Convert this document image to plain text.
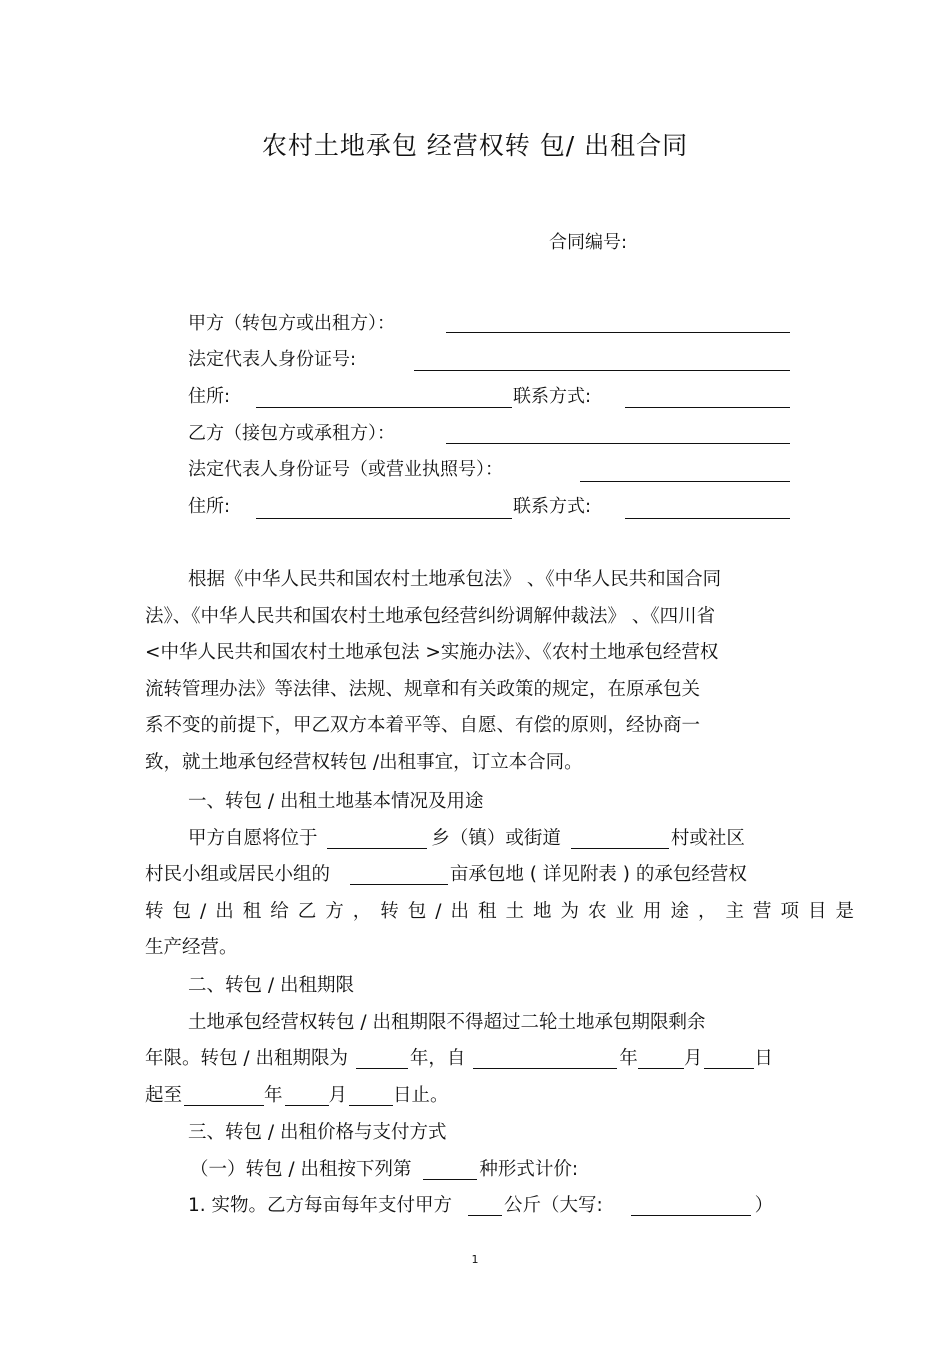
农村土地承包 经营权转 包/ 出租合同
合同编号:
甲方（转包方或出租方）：
法定代表人身份证号:
住所:	联系方式:
乙方（接包方或承租方）：
法定代表人身份证号（或营业执照号）：
住所:	联系方式:
根据《中华人民共和国农村土地承包法》 、《中华人民共和国合同
法》、《中华人民共和国农村土地承包经营纠纷调解仲裁法》 、《四川省
<中华人民共和国农村土地承包法 >实施办法》、《农村土地承包经营权
流转管理办法》等法律、法规、规章和有关政策的规定，在原承包关
系不变的前提下，甲乙双方本着平等、自愿、有偿的原则，经协商一
致，就土地承包经营权转包 /出租事宜，订立本合同。
一、转包 / 出租土地基本情况及用途
甲方自愿将位于	乡（镇）或街道	村或社区
村民小组或居民小组的	亩承包地 ( 详见附表 ) 的承包经营权
转包/出租给乙方，转包/出租土地为农业用途，主营项目是
生产经营。
二、转包 / 出租期限
土地承包经营权转包 / 出租期限不得超过二轮土地承包期限剩余
年限。转包 / 出租期限为	年，自	年 月	日
起至	年 月 日止。
三、转包 / 出租价格与支付方式
（一）转包 / 出租按下列第	种形式计价:
1. 实物。乙方每亩每年支付甲方	公斤（大写:	）
1
